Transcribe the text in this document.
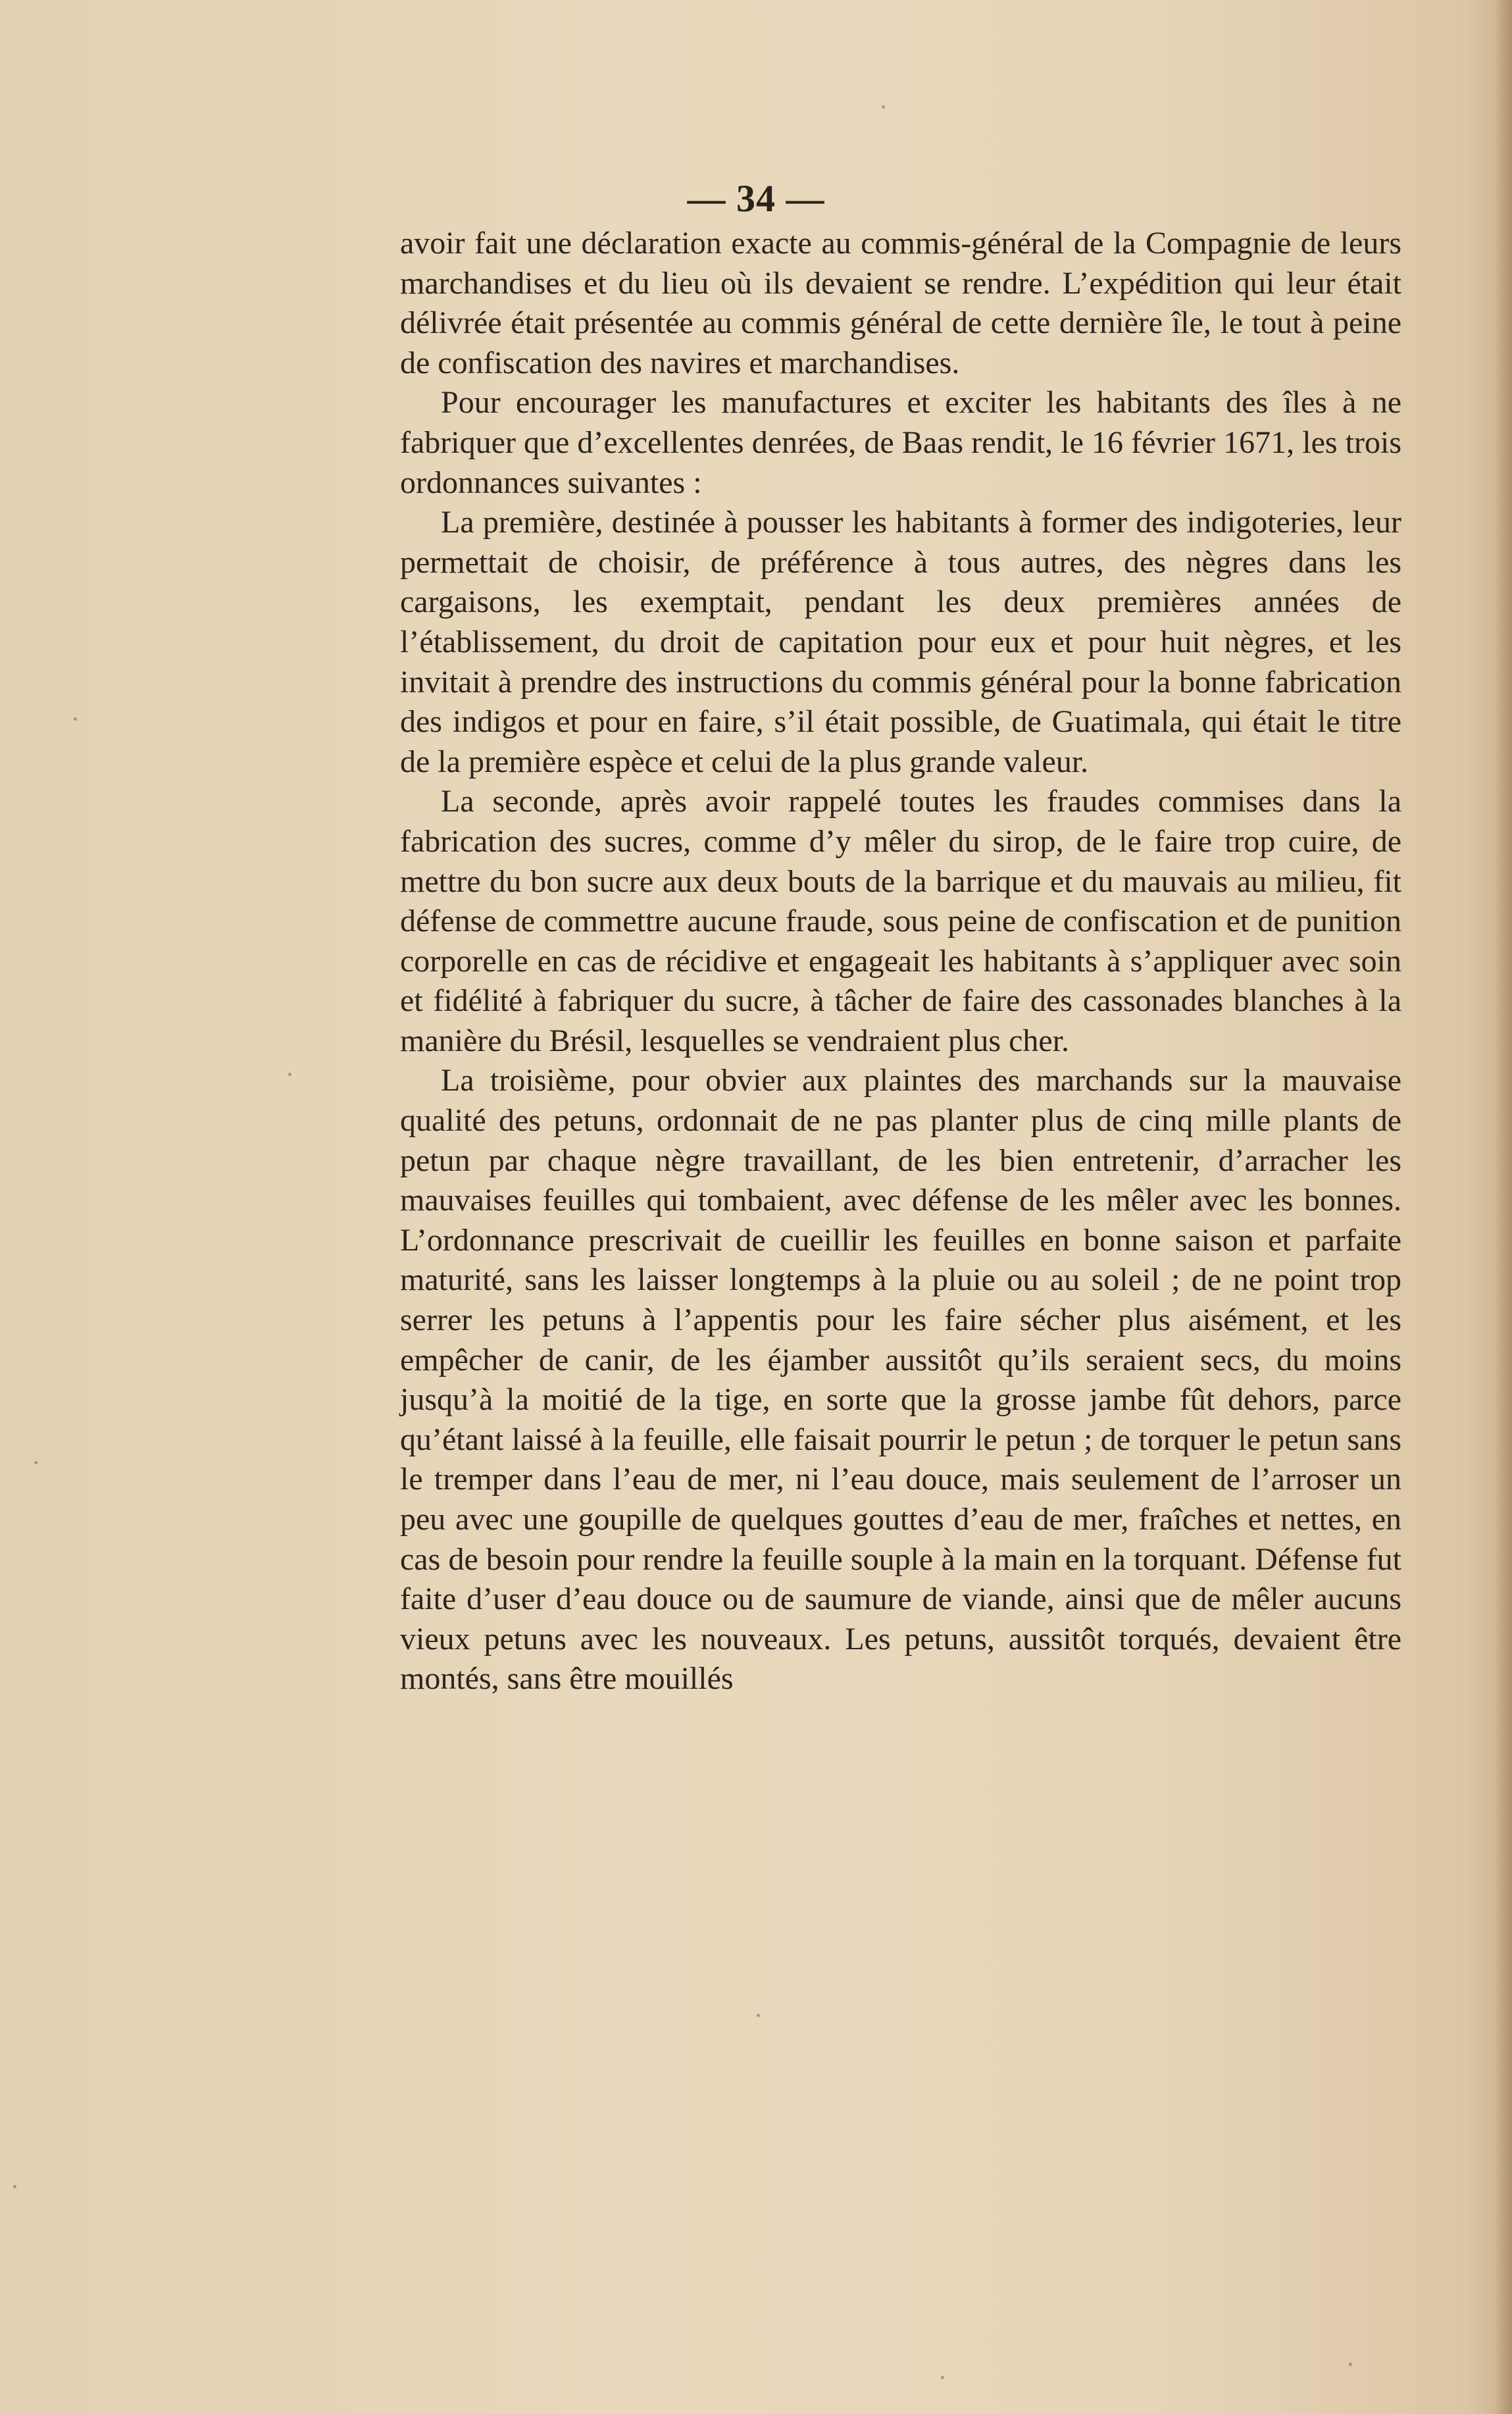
— 34 —

avoir fait une déclaration exacte au commis-général de la Compagnie de leurs marchandises et du lieu où ils devaient se rendre. L’expédition qui leur était délivrée était présentée au commis général de cette dernière île, le tout à peine de confiscation des navires et marchandises.

Pour encourager les manufactures et exciter les habitants des îles à ne fabriquer que d’excellentes denrées, de Baas rendit, le 16 février 1671, les trois ordonnances suivantes :

La première, destinée à pousser les habitants à former des indigoteries, leur permettait de choisir, de préférence à tous autres, des nègres dans les cargaisons, les exemptait, pendant les deux premières années de l’établissement, du droit de capitation pour eux et pour huit nègres, et les invitait à prendre des instructions du commis général pour la bonne fabrication des indigos et pour en faire, s’il était possible, de Guatimala, qui était le titre de la première espèce et celui de la plus grande valeur.

La seconde, après avoir rappelé toutes les fraudes commises dans la fabrication des sucres, comme d’y mêler du sirop, de le faire trop cuire, de mettre du bon sucre aux deux bouts de la barrique et du mauvais au milieu, fit défense de commettre aucune fraude, sous peine de confiscation et de punition corporelle en cas de récidive et engageait les habitants à s’appliquer avec soin et fidélité à fabriquer du sucre, à tâcher de faire des cassonades blanches à la manière du Brésil, lesquelles se vendraient plus cher.

La troisième, pour obvier aux plaintes des marchands sur la mauvaise qualité des petuns, ordonnait de ne pas planter plus de cinq mille plants de petun par chaque nègre travaillant, de les bien entretenir, d’arracher les mauvaises feuilles qui tombaient, avec défense de les mêler avec les bonnes. L’ordonnance prescrivait de cueillir les feuilles en bonne saison et parfaite maturité, sans les laisser longtemps à la pluie ou au soleil ; de ne point trop serrer les petuns à l’appentis pour les faire sécher plus aisément, et les empêcher de canir, de les éjamber aussitôt qu’ils seraient secs, du moins jusqu’à la moitié de la tige, en sorte que la grosse jambe fût dehors, parce qu’étant laissé à la feuille, elle faisait pourrir le petun ; de torquer le petun sans le tremper dans l’eau de mer, ni l’eau douce, mais seulement de l’arroser un peu avec une goupille de quelques gouttes d’eau de mer, fraîches et nettes, en cas de besoin pour rendre la feuille souple à la main en la torquant. Défense fut faite d’user d’eau douce ou de saumure de viande, ainsi que de mêler aucuns vieux petuns avec les nouveaux. Les petuns, aussitôt torqués, devaient être montés, sans être mouillés
